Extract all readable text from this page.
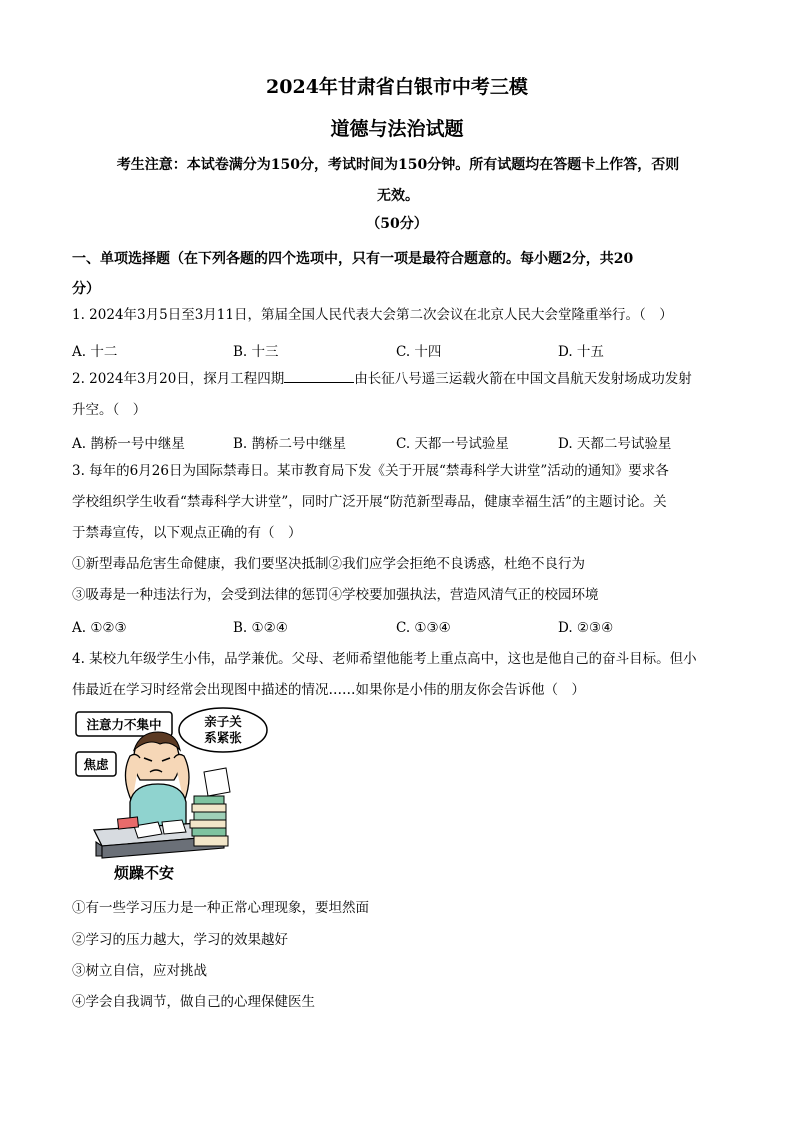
2024年甘肃省白银市中考三模
道德与法治试题
考生注意：本试卷满分为150分，考试时间为150分钟。所有试题均在答题卡上作答，否则
无效。
（50分）
一、单项选择题（在下列各题的四个选项中，只有一项是最符合题意的。每小题2分，共20
分）
1. 2024年3月5日至3月11日，第届全国人民代表大会第二次会议在北京人民大会堂隆重举行。（　）
A. 十二	B. 十三	C. 十四	D. 十五
2. 2024年3月20日，探月工程四期	由长征八号遥三运载火箭在中国文昌航天发射场成功发射
升空。（　）
A. 鹊桥一号中继星	B. 鹊桥二号中继星	C. 天都一号试验星	D. 天都二号试验星
3. 每年的6月26日为国际禁毒日。某市教育局下发《关于开展“禁毒科学大讲堂”活动的通知》要求各
学校组织学生收看“禁毒科学大讲堂”，同时广泛开展“防范新型毒品，健康幸福生活”的主题讨论。关
于禁毒宣传，以下观点正确的有（　）
①新型毒品危害生命健康，我们要坚决抵制②我们应学会拒绝不良诱惑，杜绝不良行为
③吸毒是一种违法行为，会受到法律的惩罚④学校要加强执法，营造风清气正的校园环境
A. ①②③	B. ①②④	C. ①③④	D. ②③④
4. 某校九年级学生小伟，品学兼优。父母、老师希望他能考上重点高中，这也是他自己的奋斗目标。但小
伟最近在学习时经常会出现图中描述的情况……如果你是小伟的朋友你会告诉他（　）
注意力不集中	亲子关
系紧张
焦虑
烦躁不安
①有一些学习压力是一种正常心理现象，要坦然面
②学习的压力越大，学习的效果越好
③树立自信，应对挑战
④学会自我调节，做自己的心理保健医生
